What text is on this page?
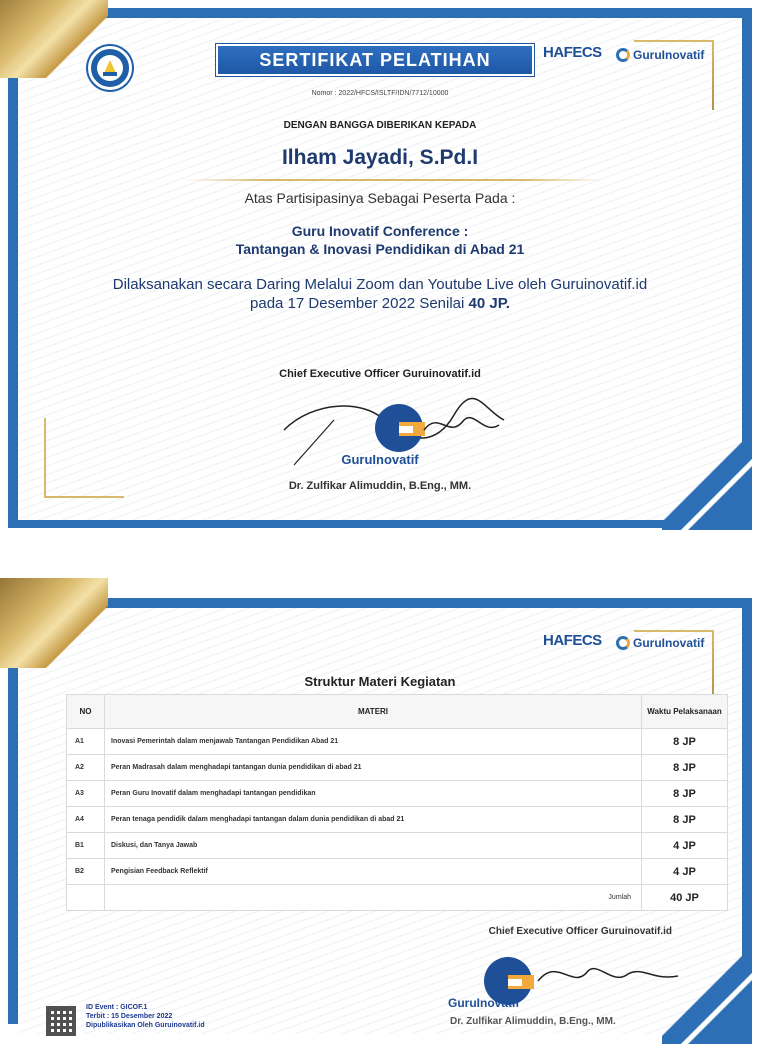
SERTIFIKAT PELATIHAN	HAFECS	GuruInovatif
Nomor : 2022/HFCS/ISLTF/IDN/7712/10000
DENGAN BANGGA DIBERIKAN KEPADA
Ilham Jayadi, S.Pd.I
Atas Partisipasinya Sebagai Peserta Pada :
Guru Inovatif Conference :
Tantangan & Inovasi Pendidikan di Abad 21
Dilaksanakan secara Daring Melalui Zoom dan Youtube Live oleh Guruinovatif.id
pada 17 Desember 2022 Senilai 40 JP.
Chief Executive Officer Guruinovatif.id
GuruInovatif
Dr. Zulfikar Alimuddin, B.Eng., MM.
HAFECS	GuruInovatif
Struktur Materi Kegiatan
NO	MATERI	Waktu Pelaksanaan
A1	Inovasi Pemerintah dalam menjawab Tantangan Pendidikan Abad 21	8 JP
A2	Peran Madrasah dalam menghadapi tantangan dunia pendidikan di abad 21	8 JP
A3	Peran Guru Inovatif dalam menghadapi tantangan pendidikan	8 JP
A4	Peran tenaga pendidik dalam menghadapi tantangan dalam dunia pendidikan di abad 21	8 JP
B1	Diskusi, dan Tanya Jawab	4 JP
B2	Pengisian Feedback Reflektif	4 JP
	Jumlah	40 JP
Chief Executive Officer Guruinovatif.id
GuruInovatif
Dr. Zulfikar Alimuddin, B.Eng., MM.
ID Event : GICOF.1
Terbit : 15 Desember 2022
Dipublikasikan Oleh Guruinovatif.id
